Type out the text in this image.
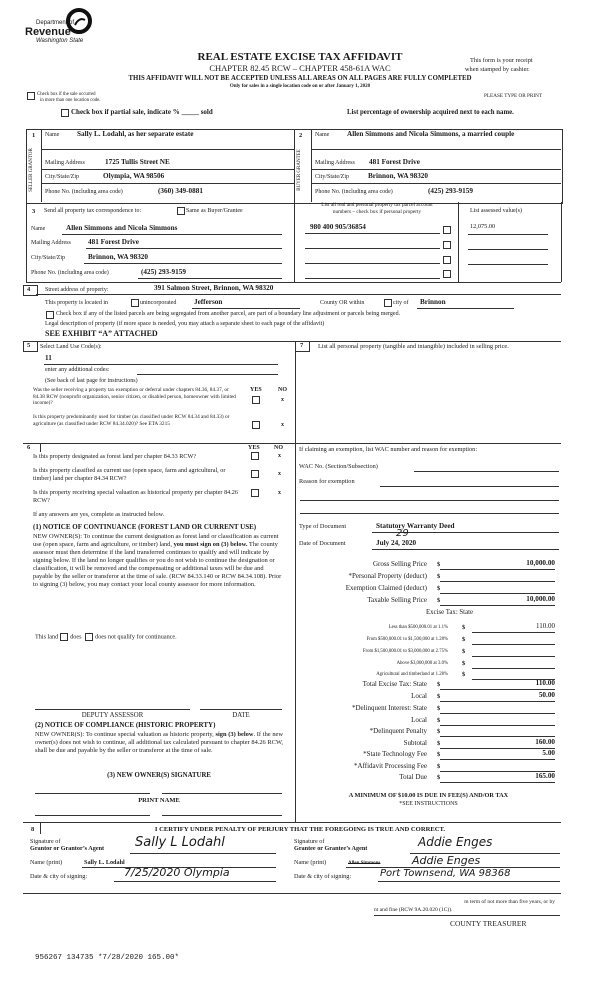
Department of
Revenue
Washington State
REAL ESTATE EXCISE TAX AFFIDAVIT
CHAPTER 82.45 RCW – CHAPTER 458-61A WAC
This form is your receipt
when stamped by cashier.
THIS AFFIDAVIT WILL NOT BE ACCEPTED UNLESS ALL AREAS ON ALL PAGES ARE FULLY COMPLETED
Only for sales in a single location code on or after January 1, 2020
Check box if the sale occurred
in more than one location code.
PLEASE TYPE OR PRINT
Check box if partial sale, indicate % _____ sold	List percentage of ownership acquired next to each name.
1	2
SELLER GRANTOR	BUYER GRANTEE
Name Sally L. Lodahl, as her separate estate
Mailing Address	1725 Tullis Street NE
City/State/Zip	Olympia, WA 98506
Phone No. (including area code)	(360) 349-0881
Name Allen Simmons and Nicola Simmons, a married couple
Mailing Address 481 Forest Drive
City/State/Zip	Brinnon, WA 98320
Phone No. (including area code)	(425) 293-9159
3 Send all property tax correspondence to:	Same as Buyer/Grantee
Name	Allen Simmons and Nicola Simmons
Mailing Address 481 Forest Drive
City/State/Zip	Brinnon, WA 98320
Phone No. (including area code)	(425) 293-9159
List all real and personal property tax parcel account
numbers – check box if personal property	List assessed value(s)
980 400 905/36854	12,075.00
4 Street address of property:	391 Salmon Street, Brinnon, WA 98320
This property is located in	unincorporated Jefferson	County OR within	city of Brinnon
Check box if any of the listed parcels are being segregated from another parcel, are part of a boundary line adjustment or parcels being merged.
Legal description of property (if more space is needed, you may attach a separate sheet to each page of the affidavit)
SEE EXHIBIT “A” ATTACHED
5 Select Land Use Code(s):
11
enter any additional codes:
(See back of last page for instructions)
YES	NO
Was the seller receiving a property tax exemption or deferral under chapters 84.36, 84.37, or 84.38 RCW (nonprofit organization, senior citizen, or disabled person, homeowner with limited income)?
x
Is this property predominantly used for timber (as classified under RCW 84.34 and 84.33) or agriculture (as classified under RCW 84.34.020)? See ETA 3215	x
7 List all personal property (tangible and intangible) included in selling price.
6	YES NO
Is this property designated as forest land per chapter 84.33 RCW?	x
Is this property classified as current use (open space, farm and agricultural, or timber) land per chapter 84.34 RCW?
x
Is this property receiving special valuation as historical property per chapter 84.26 RCW?
x
If any answers are yes, complete as instructed below.
(1) NOTICE OF CONTINUANCE (FOREST LAND OR CURRENT USE)
NEW OWNER(S): To continue the current designation as forest land or classification as current use (open space, farm and agriculture, or timber) land, you must sign on (3) below. The county assessor must then determine if the land transferred continues to qualify and will indicate by signing below. If the land no longer qualifies or you do not wish to continue the designation or classification, it will be removed and the compensating or additional taxes will be due and payable by the seller or transferor at the time of sale. (RCW 84.33.140 or RCW 84.34.108). Prior to signing (3) below, you may contact your local county assessor for more information.
This land does does not qualify for continuance.
DEPUTY ASSESSOR	DATE
(2) NOTICE OF COMPLIANCE (HISTORIC PROPERTY)
NEW OWNER(S): To continue special valuation as historic property, sign (3) below. If the new owner(s) does not wish to continue, all additional tax calculated pursuant to chapter 84.26 RCW, shall be due and payable by the seller or transferor at the time of sale.
(3) NEW OWNER(S) SIGNATURE
PRINT NAME
If claiming an exemption, list WAC number and reason for exemption:
WAC No. (Section/Subsection)
Reason for exemption
Type of Document	Statutory Warranty Deed
Date of Document	July 24, 2020
29
Gross Selling Price $	10,000.00
*Personal Property (deduct) $
Exemption Claimed (deduct) $
Taxable Selling Price $	10,000.00
Excise Tax: State
Less than $500,000.01 at 1.1% $	110.00
From $500,000.01 to $1,500,000 at 1.28% $
From $1,500,000.01 to $3,000,000 at 2.75% $
Above $3,000,000 at 3.0% $
Agricultural and timberland at 1.28% $
Total Excise Tax: State $	110.00
Local $	50.00
*Delinquent Interest: State $
Local $
*Delinquent Penalty $
Subtotal $	160.00
*State Technology Fee $	5.00
*Affidavit Processing Fee $
Total Due $	165.00
A MINIMUM OF $10.00 IS DUE IN FEE(S) AND/OR TAX
*SEE INSTRUCTIONS
8	I CERTIFY UNDER PENALTY OF PERJURY THAT THE FOREGOING IS TRUE AND CORRECT.
Signature of
Grantor or Grantor’s Agent Sally L Lodahl
Name (print)	Sally L. Lodahl
Date & city of signing:	7/25/2020 Olympia
Signature of
Grantee or Grantee’s Agent	Addie Enges
Name (print)	Allen Simmons	Addie Enges
Date & city of signing:	Port Townsend, WA 98368
m term of not more than five years, or by
nt and fine (RCW 9A.20.020 (1C)).
COUNTY TREASURER
956267 134735 *7/28/2020 165.00*
